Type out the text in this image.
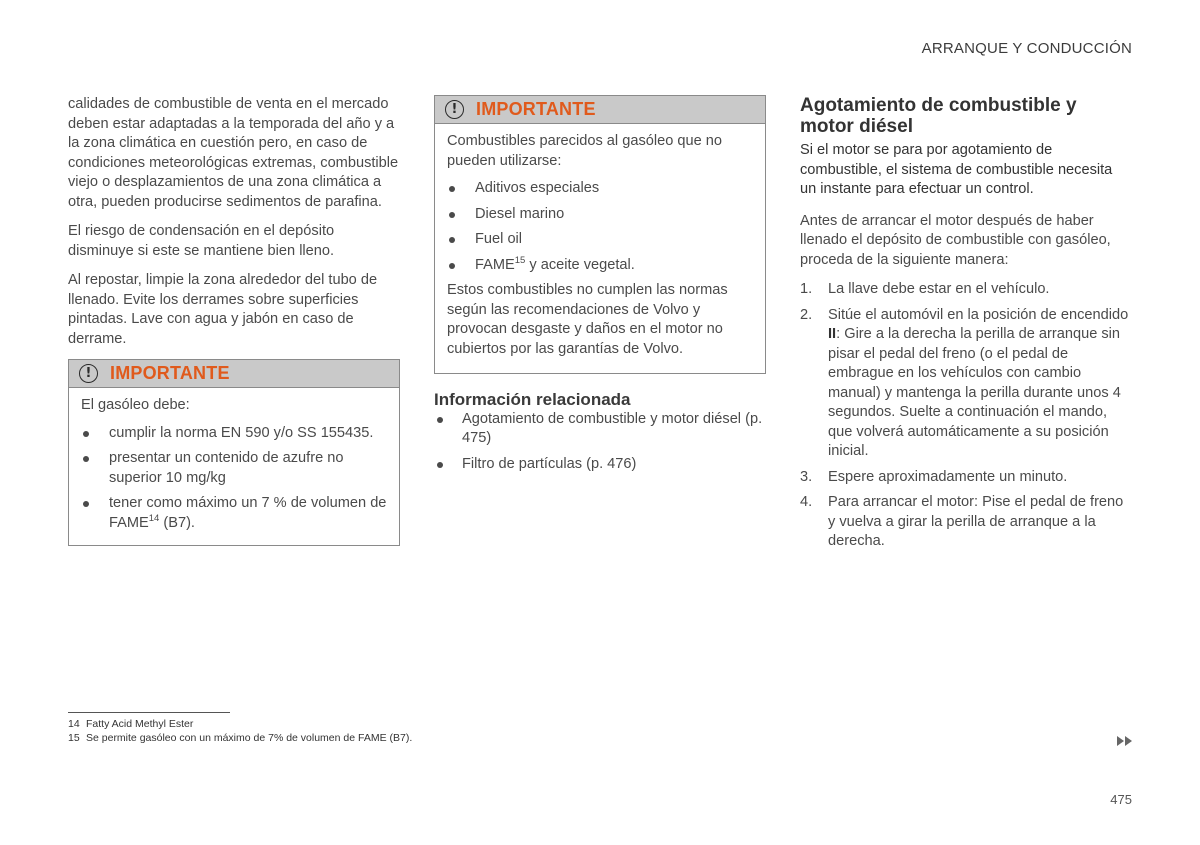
ARRANQUE Y CONDUCCIÓN

calidades de combustible de venta en el mercado deben estar adaptadas a la temporada del año y a la zona climática en cuestión pero, en caso de condiciones meteorológicas extremas, combustible viejo o desplazamientos de una zona climática a otra, pueden producirse sedimentos de parafina.

El riesgo de condensación en el depósito disminuye si este se mantiene bien lleno.

Al repostar, limpie la zona alrededor del tubo de llenado. Evite los derrames sobre superficies pintadas. Lave con agua y jabón en caso de derrame.

!	IMPORTANTE

El gasóleo debe:

cumplir la norma EN 590 y/o SS 155435.
presentar un contenido de azufre no superior 10 mg/kg
tener como máximo un 7 % de volumen de FAME$^{14}$ (B7).
!	IMPORTANTE

Combustibles parecidos al gasóleo que no pueden utilizarse:

Aditivos especiales
Diesel marino
Fuel oil
FAME$^{15}$ y aceite vegetal.

Estos combustibles no cumplen las normas según las recomendaciones de Volvo y provocan desgaste y daños en el motor no cubiertos por las garantías de Volvo.

Información relacionada
Agotamiento de combustible y motor diésel (p. 475)
Filtro de partículas (p. 476)
Agotamiento de combustible y motor diésel

Si el motor se para por agotamiento de combustible, el sistema de combustible necesita un instante para efectuar un control.

Antes de arrancar el motor después de haber llenado el depósito de combustible con gasóleo, proceda de la siguiente manera:

1.	La llave debe estar en el vehículo.
2.	Sitúe el automóvil en la posición de encendido II: Gire a la derecha la perilla de arranque sin pisar el pedal del freno (o el pedal de embrague en los vehículos con cambio manual) y mantenga la perilla durante unos 4 segundos. Suelte a continuación el mando, que volverá automáticamente a su posición inicial.
3.	Espere aproximadamente un minuto.
4.	Para arrancar el motor: Pise el pedal de freno y vuelva a girar la perilla de arranque a la derecha.
14 Fatty Acid Methyl Ester
15 Se permite gasóleo con un máximo de 7% de volumen de FAME (B7).
475
